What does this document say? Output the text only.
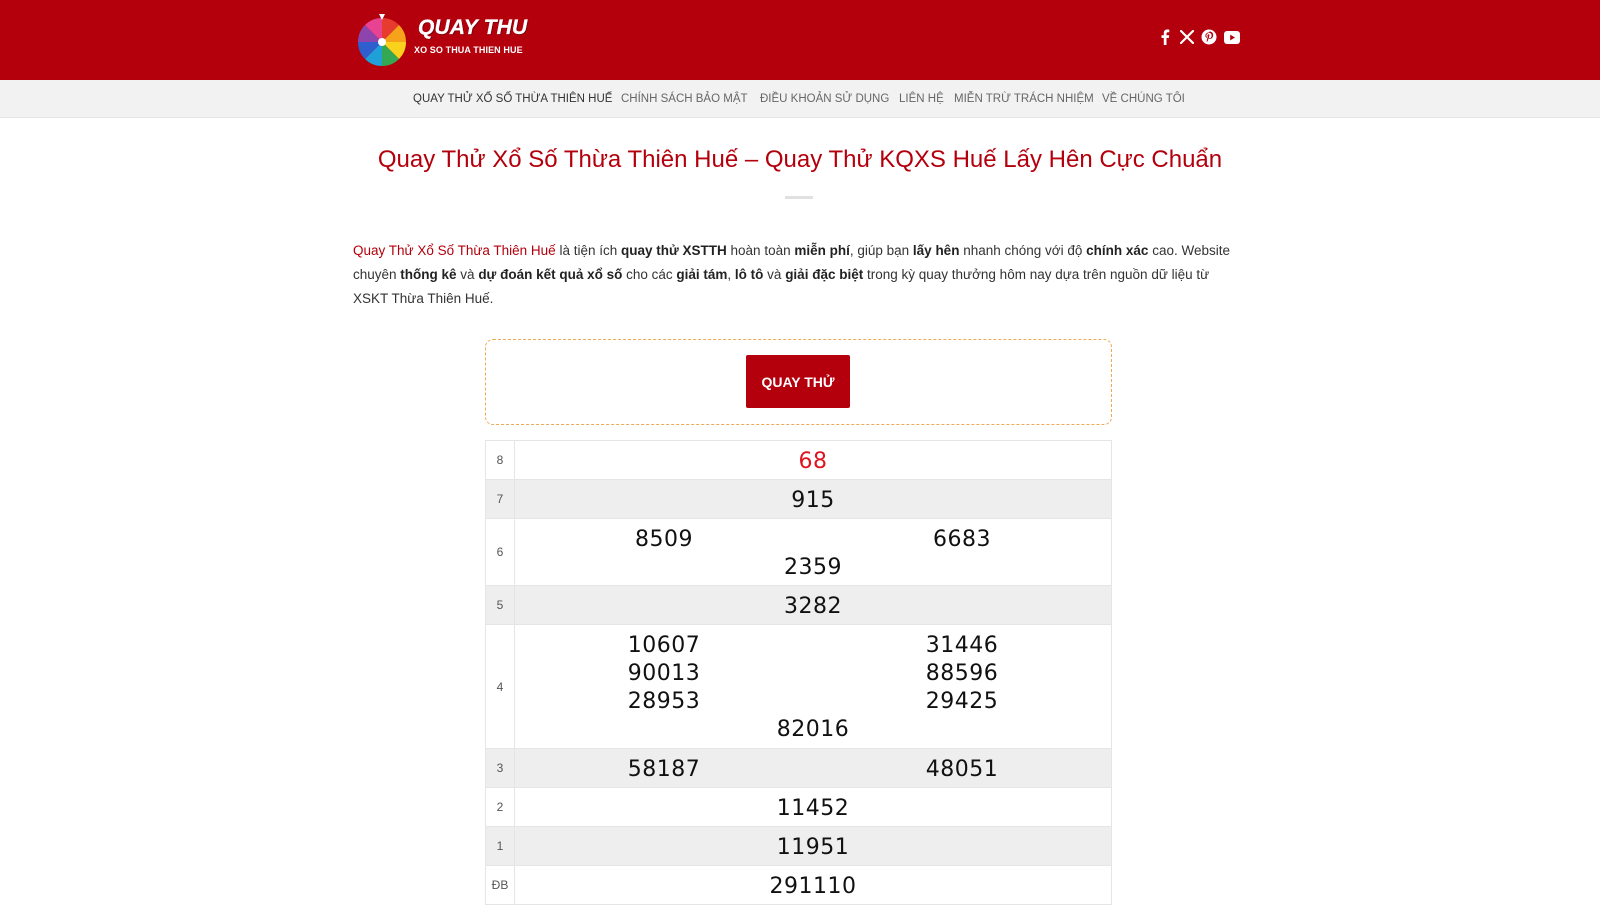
QUAY THU
XO SO THUA THIEN HUE
QUAY THỬ XỔ SỐ THỪA THIÊN HUẾ CHÍNH SÁCH BẢO MẬT ĐIỀU KHOẢN SỬ DỤNG LIÊN HỆ MIỄN TRỪ TRÁCH NHIỆM VỀ CHÚNG TÔI
Quay Thử Xổ Số Thừa Thiên Huế – Quay Thử KQXS Huế Lấy Hên Cực Chuẩn

Quay Thử Xổ Số Thừa Thiên Huế là tiện ích quay thử XSTTH hoàn toàn miễn phí, giúp bạn lấy hên nhanh chóng với độ chính xác cao. Website chuyên thống kê và dự đoán kết quả xổ số cho các giải tám, lô tô và giải đặc biệt trong kỳ quay thưởng hôm nay dựa trên nguồn dữ liệu từ XSKT Thừa Thiên Huế.

QUAY THỬ
8	68
7	915
6	8509	6683
2359
5	3282
4
10607	31446
90013	88596
28953	29425
82016
3	58187	48051
2	11452
1	11951
ĐB	291110
